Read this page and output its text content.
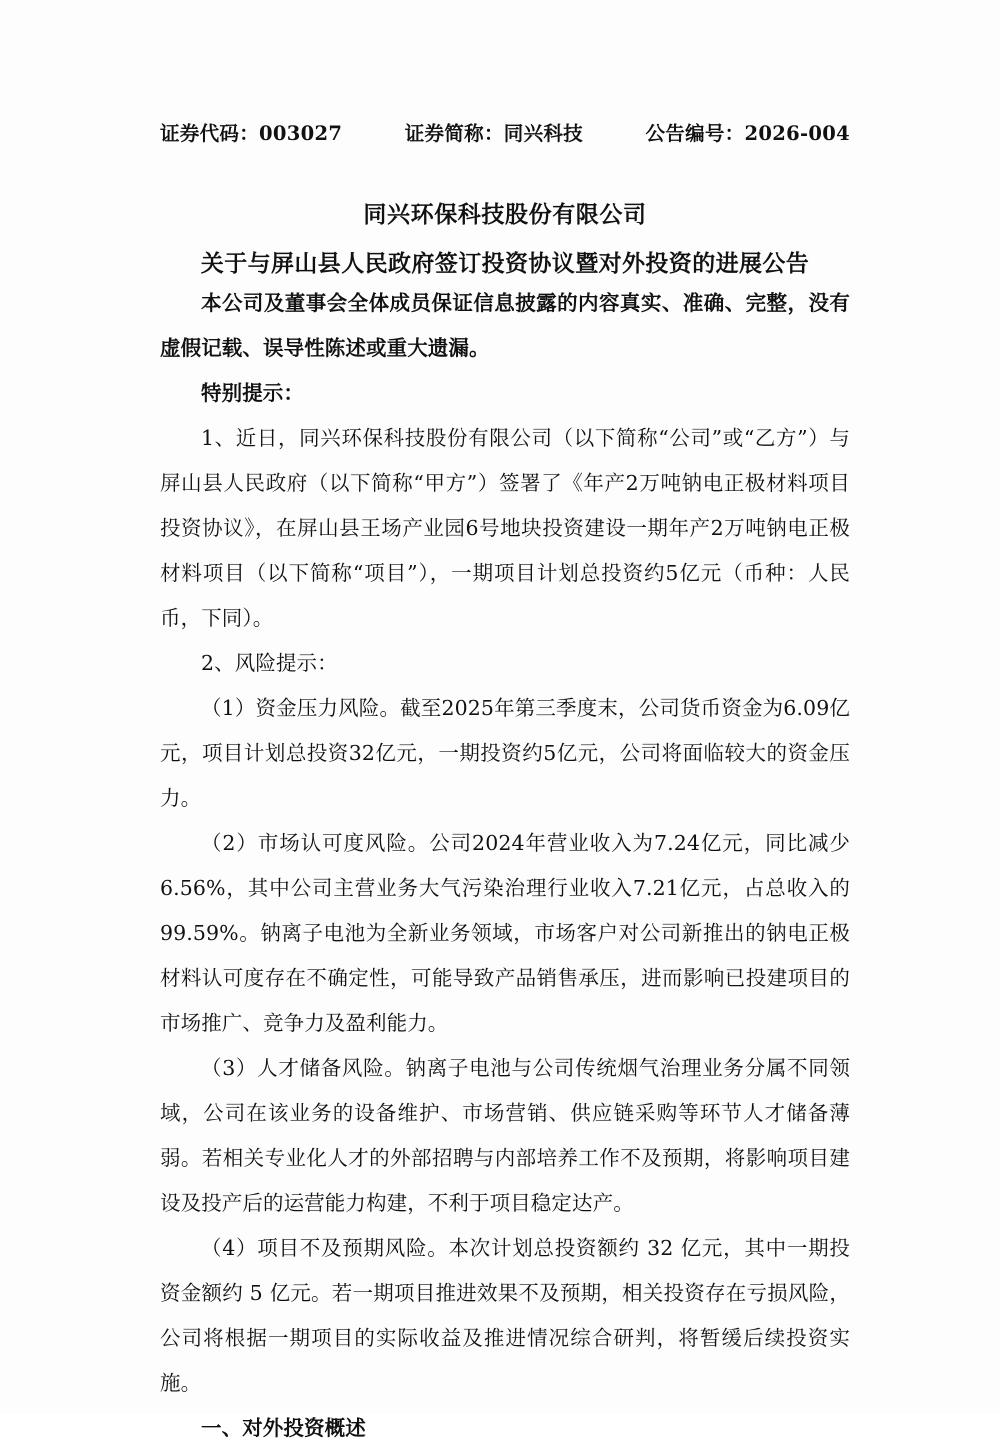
证券代码：003027	证券简称：同兴科技	公告编号：2026-004
同兴环保科技股份有限公司
关于与屏山县人民政府签订投资协议暨对外投资的进展公告

本公司及董事会全体成员保证信息披露的内容真实、准确、完整，没有虚假记载、误导性陈述或重大遗漏。

特别提示：

1、近日，同兴环保科技股份有限公司（以下简称“公司”或“乙方”）与屏山县人民政府（以下简称“甲方”）签署了《年产2万吨钠电正极材料项目投资协议》，在屏山县王场产业园6号地块投资建设一期年产2万吨钠电正极材料项目（以下简称“项目”），一期项目计划总投资约5亿元（币种：人民币，下同）。

2、风险提示：

（1）资金压力风险。截至2025年第三季度末，公司货币资金为6.09亿元，项目计划总投资32亿元，一期投资约5亿元，公司将面临较大的资金压力。

（2）市场认可度风险。公司2024年营业收入为7.24亿元，同比减少6.56%，其中公司主营业务大气污染治理行业收入7.21亿元，占总收入的99.59%。钠离子电池为全新业务领域，市场客户对公司新推出的钠电正极材料认可度存在不确定性，可能导致产品销售承压，进而影响已投建项目的市场推广、竞争力及盈利能力。

（3）人才储备风险。钠离子电池与公司传统烟气治理业务分属不同领域，公司在该业务的设备维护、市场营销、供应链采购等环节人才储备薄弱。若相关专业化人才的外部招聘与内部培养工作不及预期，将影响项目建设及投产后的运营能力构建，不利于项目稳定达产。

（4）项目不及预期风险。本次计划总投资额约 32 亿元，其中一期投资金额约 5 亿元。若一期项目推进效果不及预期，相关投资存在亏损风险，公司将根据一期项目的实际收益及推进情况综合研判，将暂缓后续投资实施。

一、对外投资概述
